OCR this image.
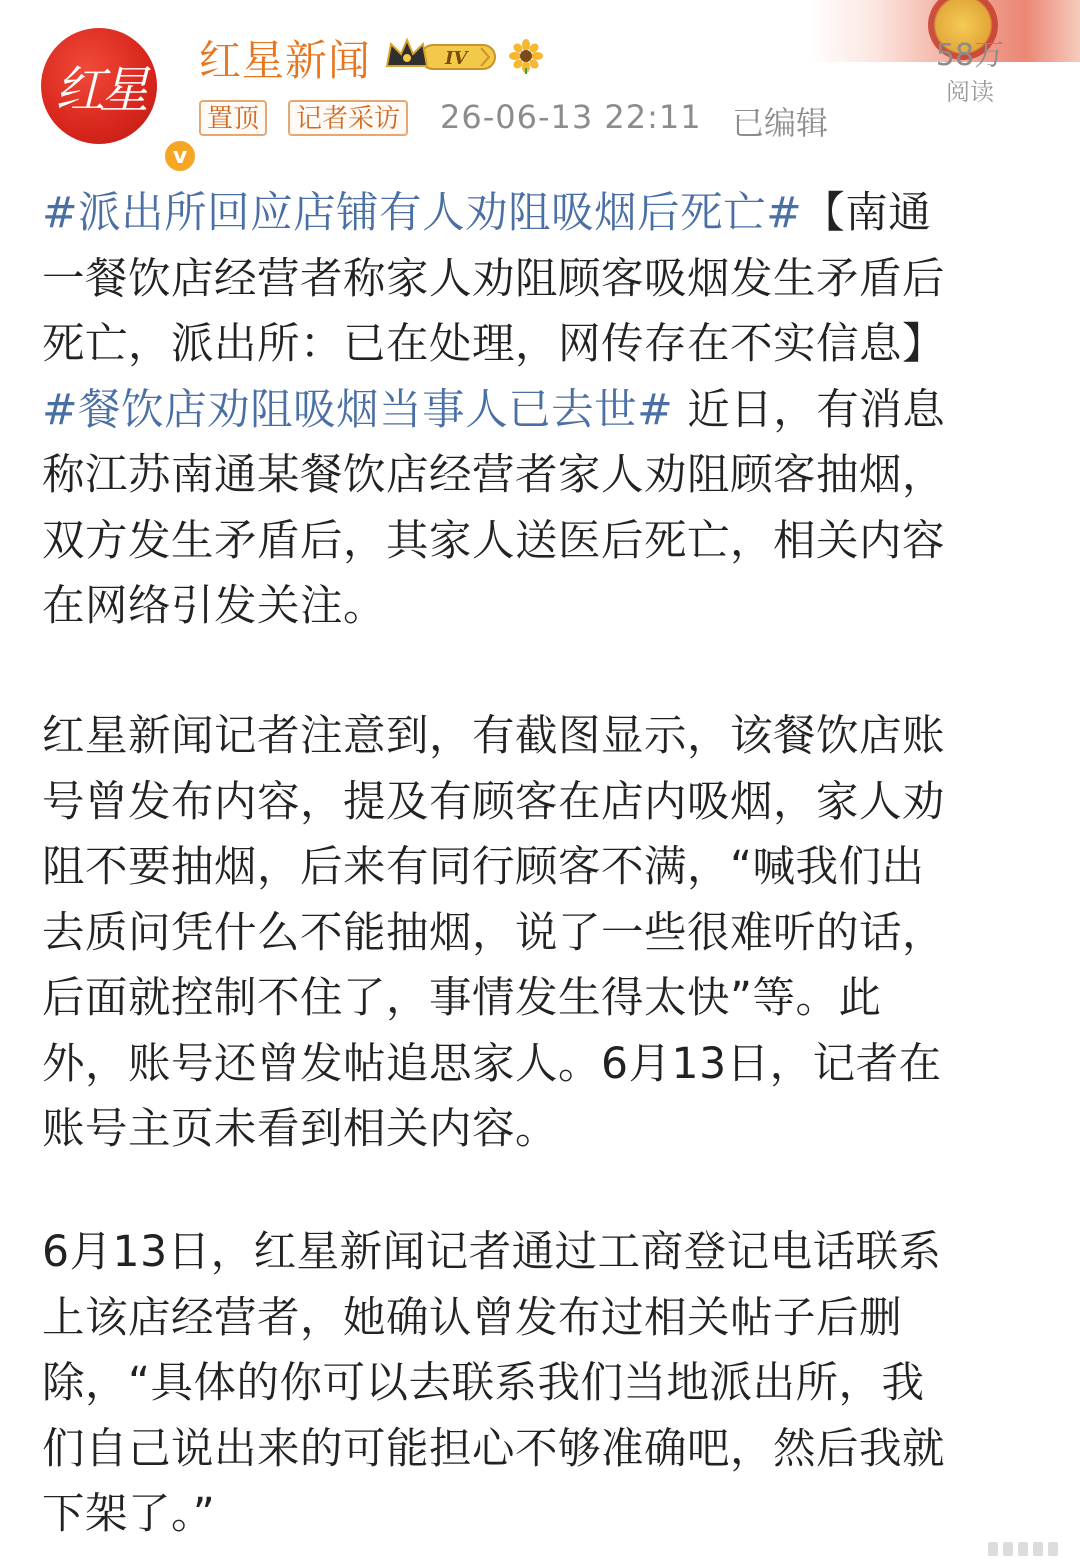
58万
阅读
红星
v
红星新闻	IV
置顶	记者采访 26-06-13 22:11 已编辑
#派出所回应店铺有人劝阻吸烟后死亡#【南通
一餐饮店经营者称家人劝阻顾客吸烟发生矛盾后
死亡，派出所：已在处理，网传存在不实信息】
#餐饮店劝阻吸烟当事人已去世# 近日，有消息
称江苏南通某餐饮店经营者家人劝阻顾客抽烟，
双方发生矛盾后，其家人送医后死亡，相关内容
在网络引发关注。
红星新闻记者注意到，有截图显示，该餐饮店账
号曾发布内容，提及有顾客在店内吸烟，家人劝
阻不要抽烟，后来有同行顾客不满，“喊我们出
去质问凭什么不能抽烟，说了一些很难听的话，
后面就控制不住了，事情发生得太快”等。此
外，账号还曾发帖追思家人。6月13日，记者在
账号主页未看到相关内容。
6月13日，红星新闻记者通过工商登记电话联系
上该店经营者，她确认曾发布过相关帖子后删
除，“具体的你可以去联系我们当地派出所，我
们自己说出来的可能担心不够准确吧，然后我就
下架了。”
